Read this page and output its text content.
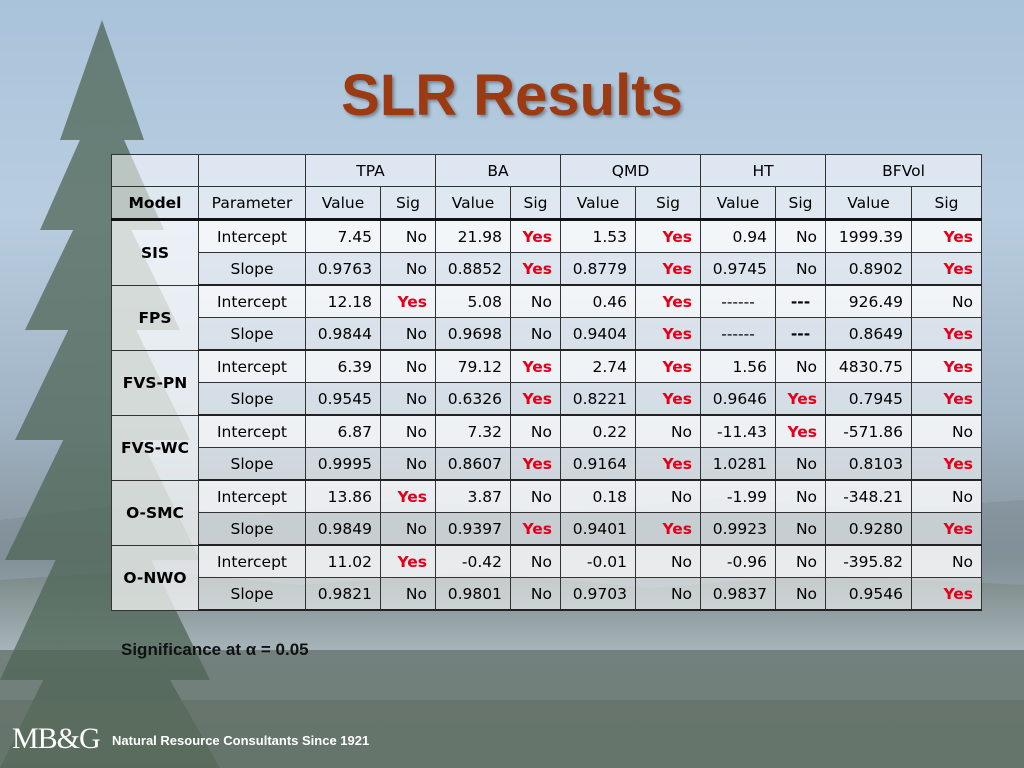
SLR Results
		TPA		BA		QMD		HT		BFVol	
Model	Parameter	Value	Sig	Value	Sig	Value	Sig	Value	Sig	Value	Sig
SIS	Intercept	7.45	No	21.98	Yes	1.53	Yes	0.94	No	1999.39	Yes
	Slope	0.9763	No	0.8852	Yes	0.8779	Yes	0.9745	No	0.8902	Yes
FPS	Intercept	12.18	Yes	5.08	No	0.46	Yes	------	---	926.49	No
	Slope	0.9844	No	0.9698	No	0.9404	Yes	------	---	0.8649	Yes
FVS-PN	Intercept	6.39	No	79.12	Yes	2.74	Yes	1.56	No	4830.75	Yes
	Slope	0.9545	No	0.6326	Yes	0.8221	Yes	0.9646	Yes	0.7945	Yes
FVS-WC	Intercept	6.87	No	7.32	No	0.22	No	-11.43	Yes	-571.86	No
	Slope	0.9995	No	0.8607	Yes	0.9164	Yes	1.0281	No	0.8103	Yes
O-SMC	Intercept	13.86	Yes	3.87	No	0.18	No	-1.99	No	-348.21	No
	Slope	0.9849	No	0.9397	Yes	0.9401	Yes	0.9923	No	0.9280	Yes
O-NWO	Intercept	11.02	Yes	-0.42	No	-0.01	No	-0.96	No	-395.82	No
	Slope	0.9821	No	0.9801	No	0.9703	No	0.9837	No	0.9546	Yes
Significance at α = 0.05
MB&G Natural Resource Consultants Since 1921
